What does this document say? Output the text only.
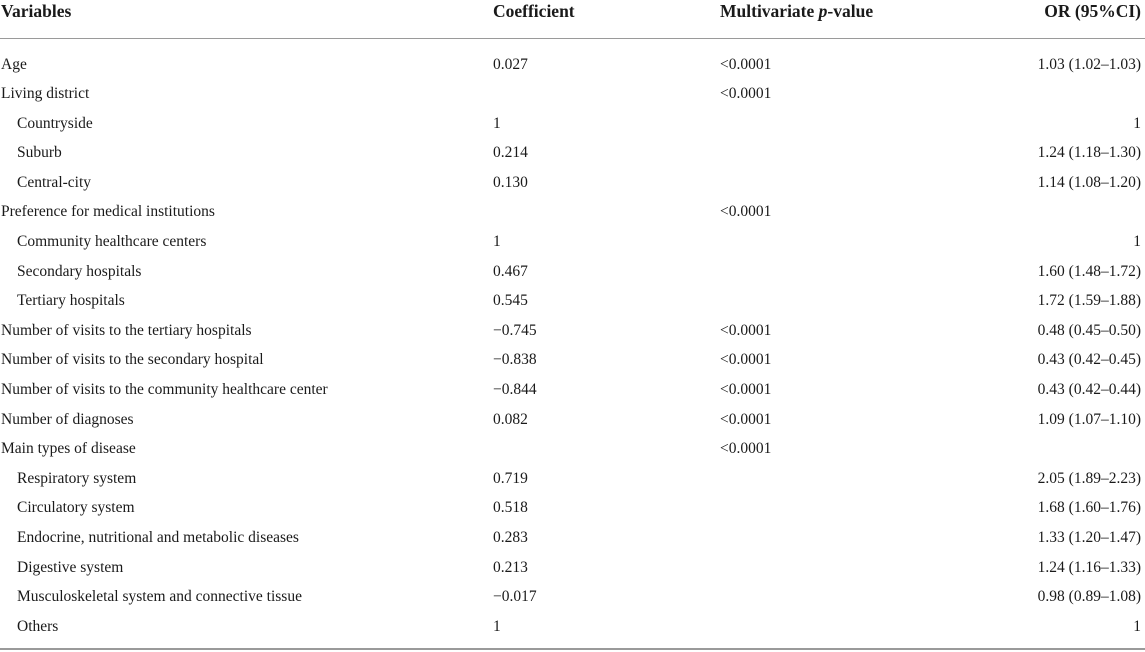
Variables	Coefficient	Multivariate p-value	OR (95%CI)
Age	0.027	<0.0001	1.03 (1.02–1.03)
Living district		<0.0001	
Countryside	1		1
Suburb	0.214		1.24 (1.18–1.30)
Central-city	0.130		1.14 (1.08–1.20)
Preference for medical institutions		<0.0001	
Community healthcare centers	1		1
Secondary hospitals	0.467		1.60 (1.48–1.72)
Tertiary hospitals	0.545		1.72 (1.59–1.88)
Number of visits to the tertiary hospitals	−0.745	<0.0001	0.48 (0.45–0.50)
Number of visits to the secondary hospital	−0.838	<0.0001	0.43 (0.42–0.45)
Number of visits to the community healthcare center	−0.844	<0.0001	0.43 (0.42–0.44)
Number of diagnoses	0.082	<0.0001	1.09 (1.07–1.10)
Main types of disease		<0.0001	
Respiratory system	0.719		2.05 (1.89–2.23)
Circulatory system	0.518		1.68 (1.60–1.76)
Endocrine, nutritional and metabolic diseases	0.283		1.33 (1.20–1.47)
Digestive system	0.213		1.24 (1.16–1.33)
Musculoskeletal system and connective tissue	−0.017		0.98 (0.89–1.08)
Others	1		1
